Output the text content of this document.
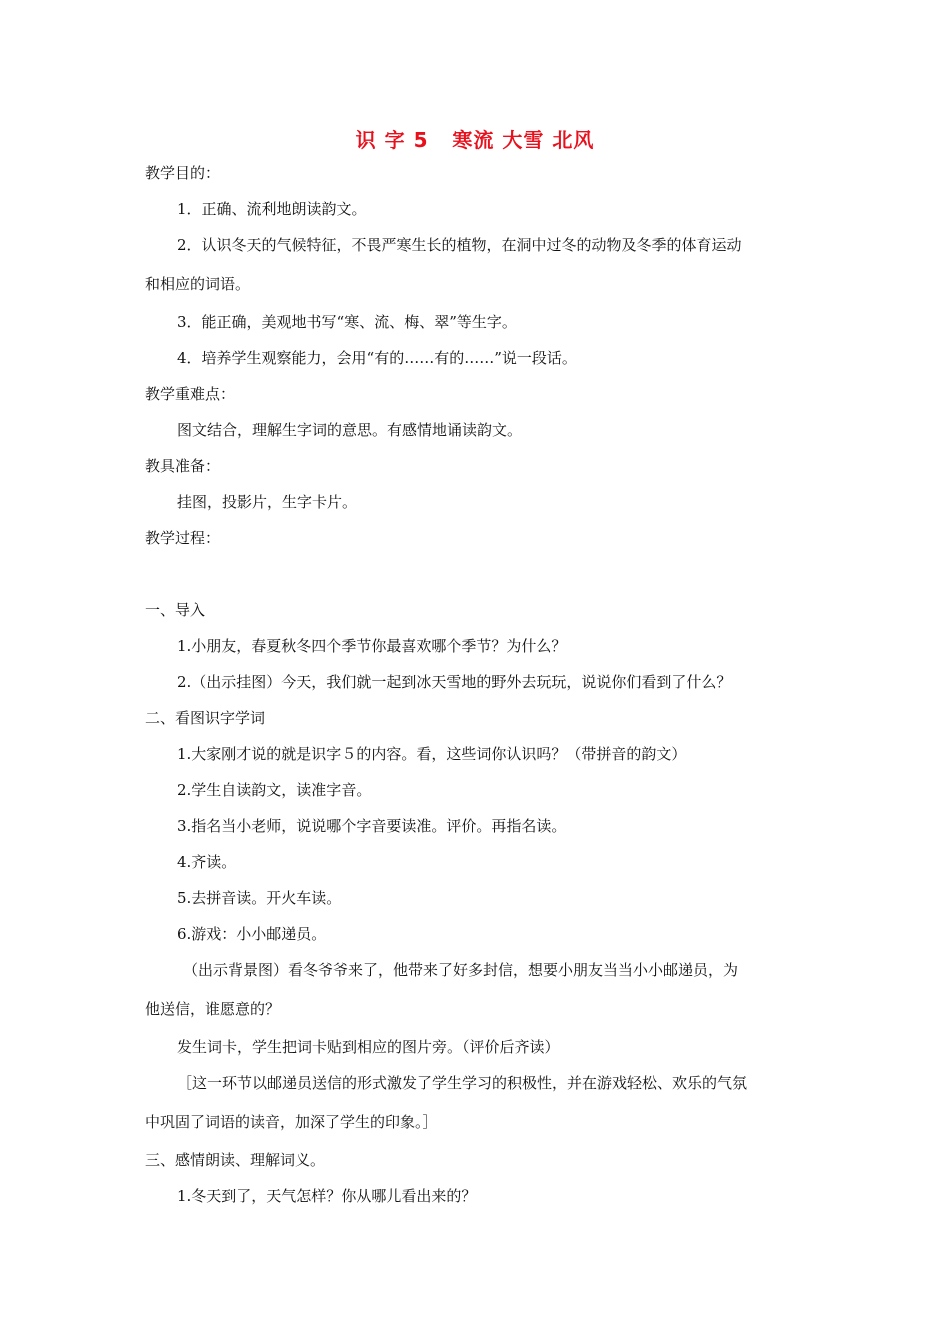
识 字 5   寒流 大雪 北风

教学目的：

1．正确、流利地朗读韵文。

2．认识冬天的气候特征，不畏严寒生长的植物，在洞中过冬的动物及冬季的体育运动

和相应的词语。

3．能正确，美观地书写“寒、流、梅、翠”等生字。

4．培养学生观察能力，会用“有的……有的……”说一段话。

教学重难点：

图文结合，理解生字词的意思。有感情地诵读韵文。

教具准备：

挂图，投影片，生字卡片。

教学过程：

一、导入

1.小朋友，春夏秋冬四个季节你最喜欢哪个季节？为什么？

2.（出示挂图）今天，我们就一起到冰天雪地的野外去玩玩，说说你们看到了什么？

二、看图识字学词

1.大家刚才说的就是识字５的内容。看，这些词你认识吗？（带拼音的韵文）

2.学生自读韵文，读准字音。

3.指名当小老师，说说哪个字音要读准。评价。再指名读。

4.齐读。

5.去拼音读。开火车读。

6.游戏：小小邮递员。

（出示背景图）看冬爷爷来了，他带来了好多封信，想要小朋友当当小小邮递员，为

他送信，谁愿意的？

发生词卡，学生把词卡贴到相应的图片旁。（评价后齐读）

［这一环节以邮递员送信的形式激发了学生学习的积极性，并在游戏轻松、欢乐的气氛

中巩固了词语的读音，加深了学生的印象。］

三、感情朗读、理解词义。

1.冬天到了，天气怎样？你从哪儿看出来的？
